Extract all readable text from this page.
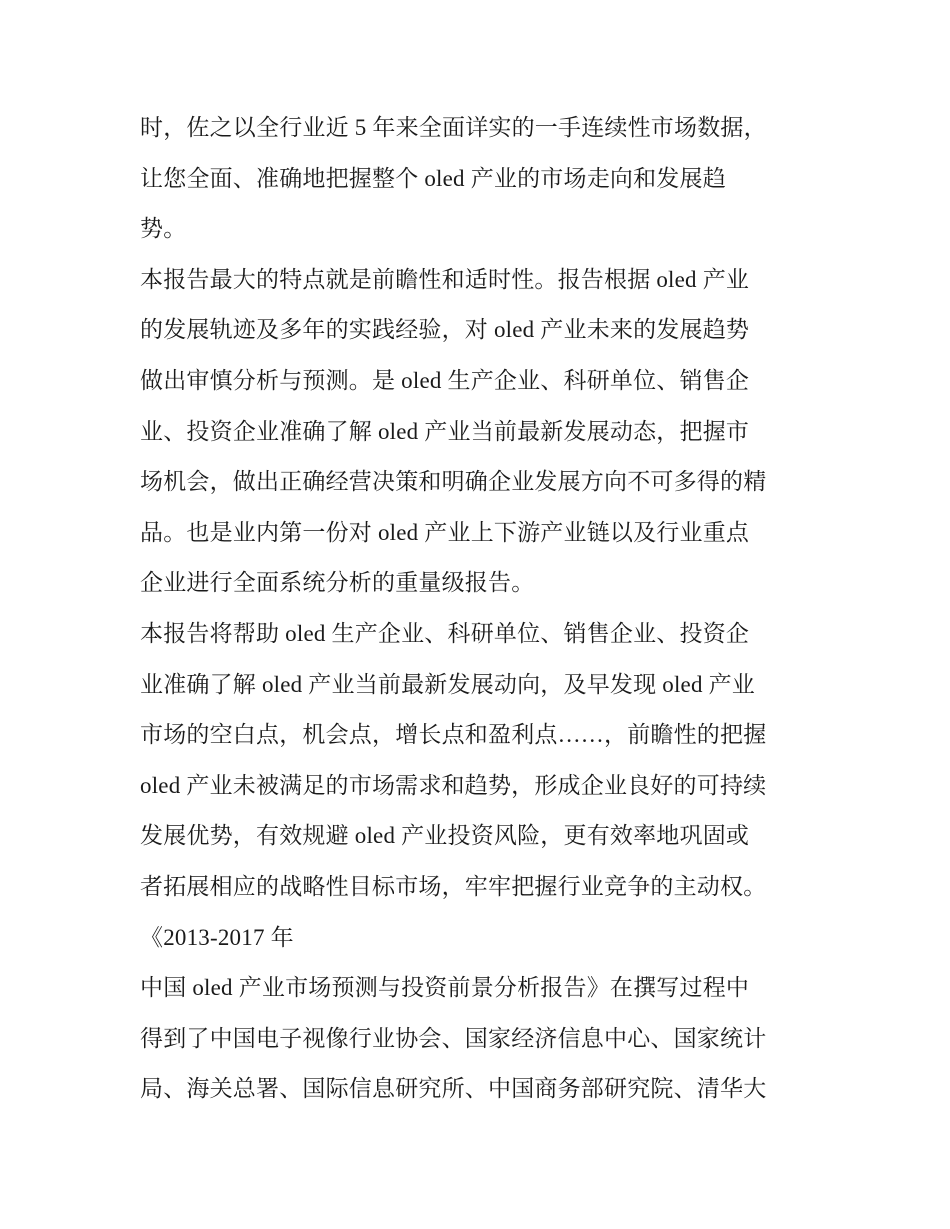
时，佐之以全行业近 5 年来全面详实的一手连续性市场数据，
让您全面、准确地把握整个 oled 产业的市场走向和发展趋
势。
本报告最大的特点就是前瞻性和适时性。报告根据 oled 产业
的发展轨迹及多年的实践经验，对 oled 产业未来的发展趋势
做出审慎分析与预测。是 oled 生产企业、科研单位、销售企
业、投资企业准确了解 oled 产业当前最新发展动态，把握市
场机会，做出正确经营决策和明确企业发展方向不可多得的精
品。也是业内第一份对 oled 产业上下游产业链以及行业重点
企业进行全面系统分析的重量级报告。
本报告将帮助 oled 生产企业、科研单位、销售企业、投资企
业准确了解 oled 产业当前最新发展动向，及早发现 oled 产业
市场的空白点，机会点，增长点和盈利点……，前瞻性的把握
oled 产业未被满足的市场需求和趋势，形成企业良好的可持续
发展优势，有效规避 oled 产业投资风险，更有效率地巩固或
者拓展相应的战略性目标市场，牢牢把握行业竞争的主动权。
《2013-2017 年
中国 oled 产业市场预测与投资前景分析报告》在撰写过程中
得到了中国电子视像行业协会、国家经济信息中心、国家统计
局、海关总署、国际信息研究所、中国商务部研究院、清华大
